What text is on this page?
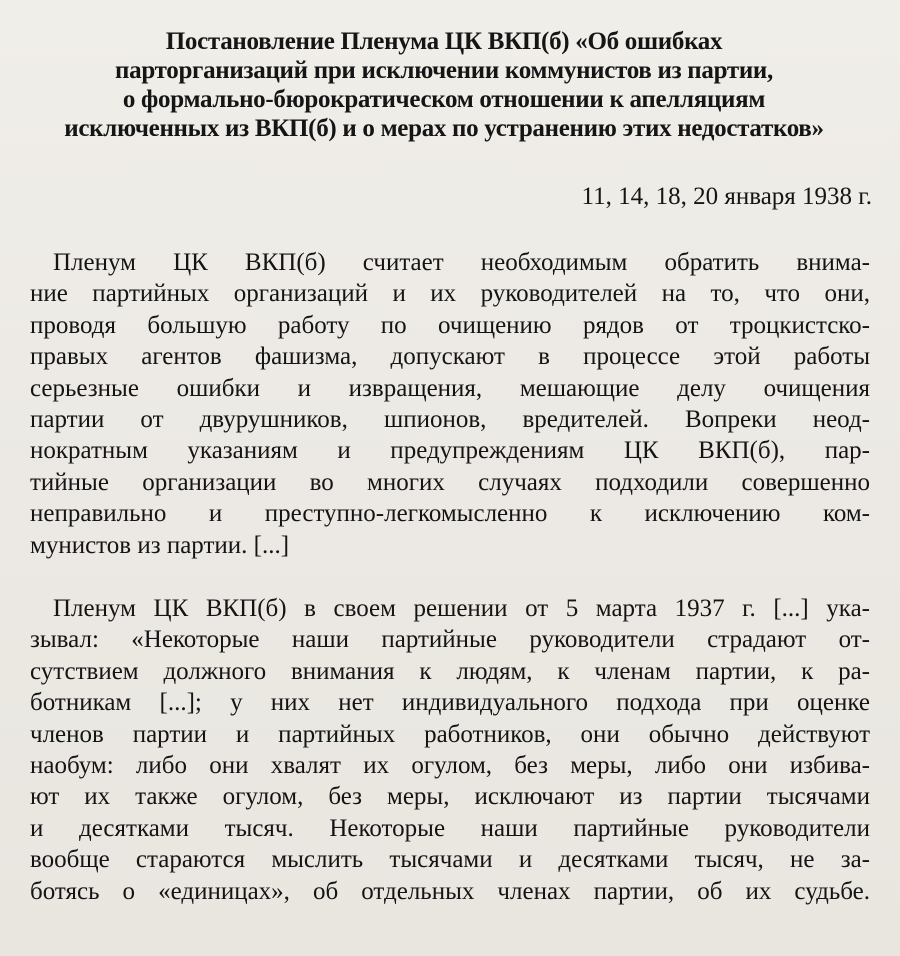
Постановление Пленума ЦК ВКП(б) «Об ошибках
парторганизаций при исключении коммунистов из партии,
о формально-бюрократическом отношении к апелляциям
исключенных из ВКП(б) и о мерах по устранению этих недостатков»
11, 14, 18, 20 января 1938 г.
Пленум ЦК ВКП(б) считает необходимым обратить внима-
ние партийных организаций и их руководителей на то, что они,
проводя большую работу по очищению рядов от троцкистско-
правых агентов фашизма, допускают в процессе этой работы
серьезные ошибки и извращения, мешающие делу очищения
партии от двурушников, шпионов, вредителей. Вопреки неод-
нократным указаниям и предупреждениям ЦК ВКП(б), пар-
тийные организации во многих случаях подходили совершенно
неправильно и преступно-легкомысленно к исключению ком-
мунистов из партии. [...]
Пленум ЦК ВКП(б) в своем решении от 5 марта 1937 г. [...] ука-
зывал: «Некоторые наши партийные руководители страдают от-
сутствием должного внимания к людям, к членам партии, к ра-
ботникам [...]; у них нет индивидуального подхода при оценке
членов партии и партийных работников, они обычно действуют
наобум: либо они хвалят их огулом, без меры, либо они избива-
ют их также огулом, без меры, исключают из партии тысячами
и десятками тысяч. Некоторые наши партийные руководители
вообще стараются мыслить тысячами и десятками тысяч, не за-
ботясь о «единицах», об отдельных членах партии, об их судьбе.
